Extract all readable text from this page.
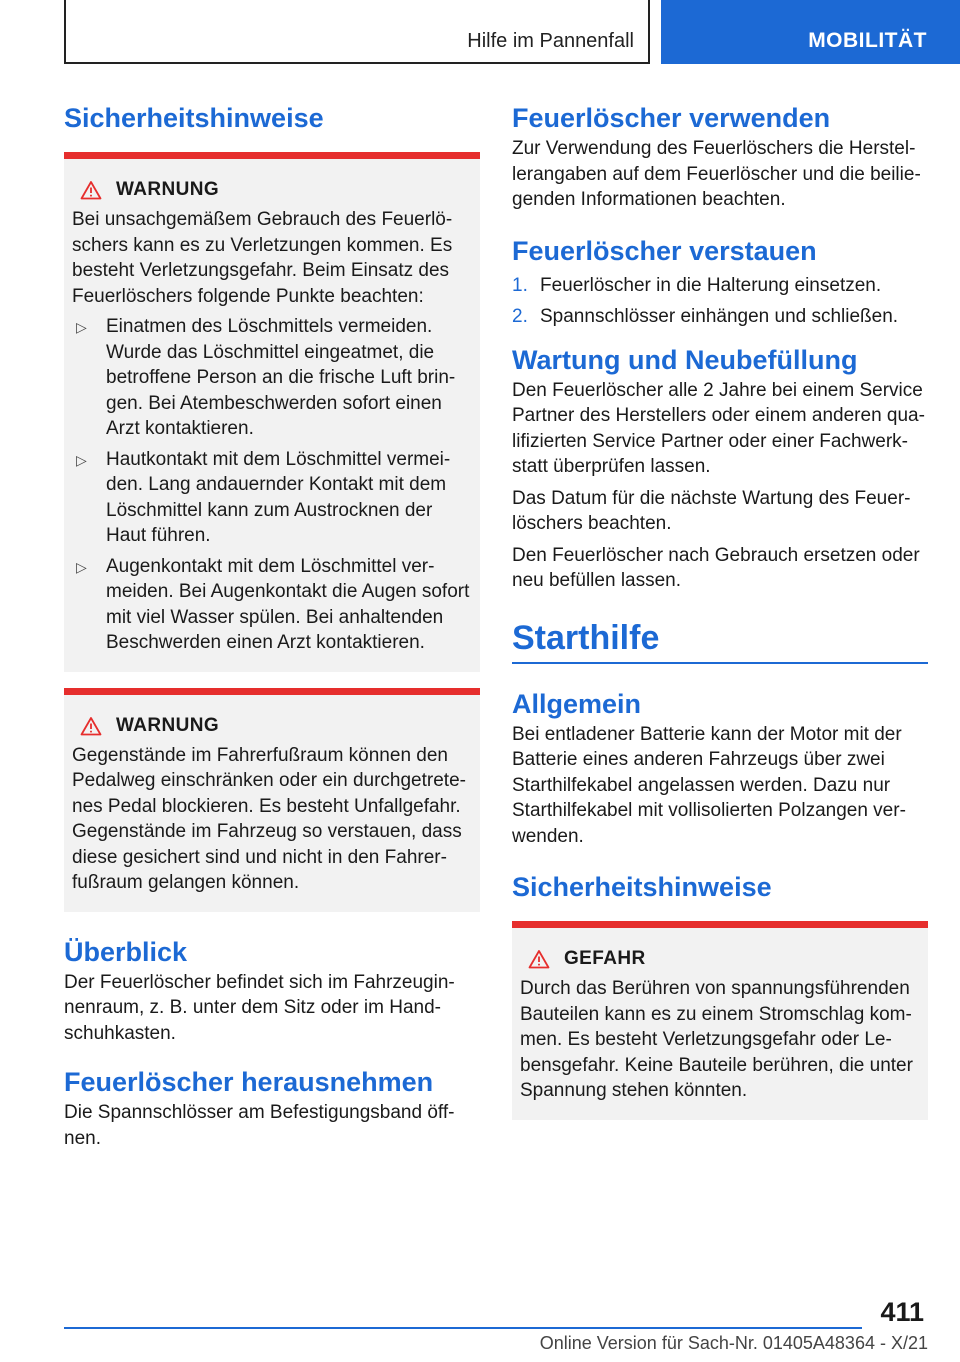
Hilfe im Pannenfall	MOBILITÄT
Sicherheitshinweise
WARNUNG

Bei unsachgemäßem Gebrauch des Feuerlöschers kann es zu Verletzungen kommen. Es besteht Verletzungsgefahr. Beim Einsatz des Feuerlöschers folgende Punkte beachten:

▷ Einatmen des Löschmittels vermeiden. Wurde das Löschmittel eingeatmet, die betroffene Person an die frische Luft bringen. Bei Atembeschwerden sofort einen Arzt kontaktieren.
▷ Hautkontakt mit dem Löschmittel vermeiden. Lang andauernder Kontakt mit dem Löschmittel kann zum Austrocknen der Haut führen.
▷ Augenkontakt mit dem Löschmittel vermeiden. Bei Augenkontakt die Augen sofort mit viel Wasser spülen. Bei anhaltenden Beschwerden einen Arzt kontaktieren.
WARNUNG

Gegenstände im Fahrerfußraum können den Pedalweg einschränken oder ein durchgetretenes Pedal blockieren. Es besteht Unfallgefahr. Gegenstände im Fahrzeug so verstauen, dass diese gesichert sind und nicht in den Fahrerfußraum gelangen können.

Überblick

Der Feuerlöscher befindet sich im Fahrzeuginnenraum, z. B. unter dem Sitz oder im Handschuhkasten.

Feuerlöscher herausnehmen

Die Spannschlösser am Befestigungsband öffnen.

Feuerlöscher verwenden

Zur Verwendung des Feuerlöschers die Herstellerangaben auf dem Feuerlöscher und die beiliegenden Informationen beachten.

Feuerlöscher verstauen
1. Feuerlöscher in die Halterung einsetzen.
2. Spannschlösser einhängen und schließen.
Wartung und Neubefüllung

Den Feuerlöscher alle 2 Jahre bei einem Service Partner des Herstellers oder einem anderen qualifizierten Service Partner oder einer Fachwerkstatt überprüfen lassen.

Das Datum für die nächste Wartung des Feuerlöschers beachten.

Den Feuerlöscher nach Gebrauch ersetzen oder neu befüllen lassen.

Starthilfe
Allgemein

Bei entladener Batterie kann der Motor mit der Batterie eines anderen Fahrzeugs über zwei Starthilfekabel angelassen werden. Dazu nur Starthilfekabel mit vollisolierten Polzangen verwenden.

Sicherheitshinweise
GEFAHR

Durch das Berühren von spannungsführenden Bauteilen kann es zu einem Stromschlag kommen. Es besteht Verletzungsgefahr oder Lebensgefahr. Keine Bauteile berühren, die unter Spannung stehen könnten.

411
Online Version für Sach-Nr. 01405A48364 - X/21
